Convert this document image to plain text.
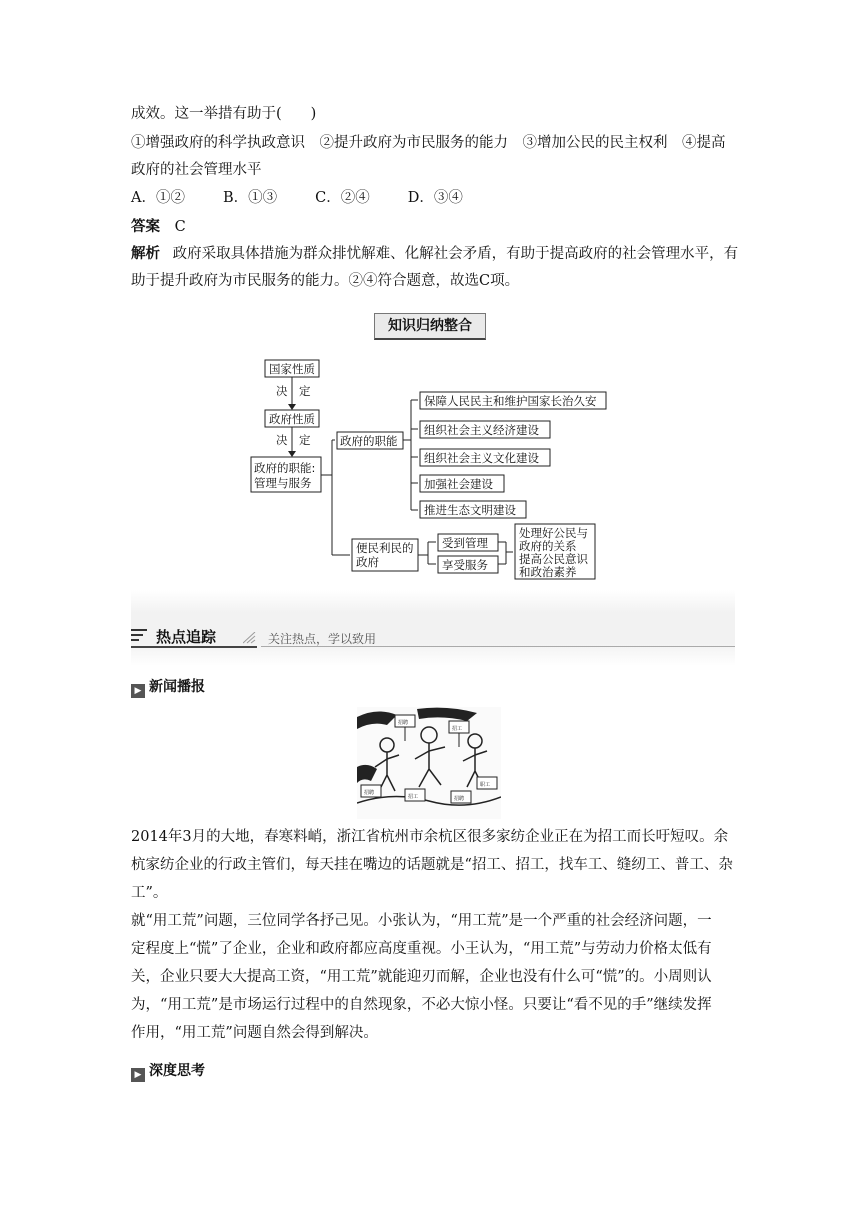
成效。这一举措有助于(　　)
①增强政府的科学执政意识　②提升政府为市民服务的能力　③增加公民的民主权利　④提高
政府的社会管理水平
A．①②	B．①③	C．②④	D．③④
答案 C
解析 政府采取具体措施为群众排忧解难、化解社会矛盾，有助于提高政府的社会管理水平，有
助于提升政府为市民服务的能力。②④符合题意，故选C项。
知识归纳整合
国家性质
决　定
政府性质
决　定
政府的职能:
管理与服务
政府的职能
保障人民民主和维护国家长治久安
组织社会主义经济建设
组织社会主义文化建设
加强社会建设
推进生态文明建设
便民利民的
政府
受到管理
享受服务
处理好公民与
政府的关系
提高公民意识
和政治素养
热点追踪	关注热点，学以致用
▶ 新闻播报
招聘
招工
招聘
招工	招聘
职工
2014年3月的大地，春寒料峭，浙江省杭州市余杭区很多家纺企业正在为招工而长吁短叹。余
杭家纺企业的行政主管们，每天挂在嘴边的话题就是“招工、招工，找车工、缝纫工、普工、杂
工”。
就“用工荒”问题，三位同学各抒己见。小张认为，“用工荒”是一个严重的社会经济问题，一
定程度上“慌”了企业，企业和政府都应高度重视。小王认为，“用工荒”与劳动力价格太低有
关，企业只要大大提高工资，“用工荒”就能迎刃而解，企业也没有什么可“慌”的。小周则认
为，“用工荒”是市场运行过程中的自然现象，不必大惊小怪。只要让“看不见的手”继续发挥
作用，“用工荒”问题自然会得到解决。
▶ 深度思考
